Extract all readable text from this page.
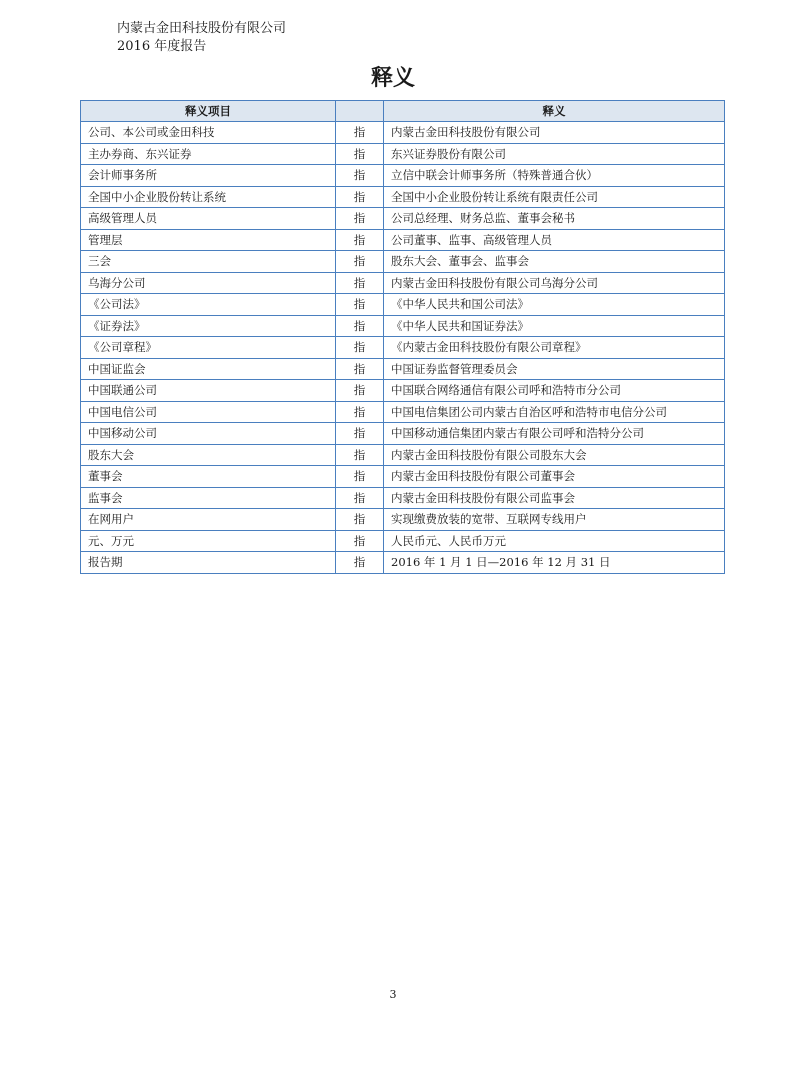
内蒙古金田科技股份有限公司
2016 年度报告
释义
释义项目		释义
公司、本公司或金田科技	指	内蒙古金田科技股份有限公司
主办券商、东兴证券	指	东兴证券股份有限公司
会计师事务所	指	立信中联会计师事务所（特殊普通合伙）
全国中小企业股份转让系统	指	全国中小企业股份转让系统有限责任公司
高级管理人员	指	公司总经理、财务总监、董事会秘书
管理层	指	公司董事、监事、高级管理人员
三会	指	股东大会、董事会、监事会
乌海分公司	指	内蒙古金田科技股份有限公司乌海分公司
《公司法》	指	《中华人民共和国公司法》
《证券法》	指	《中华人民共和国证券法》
《公司章程》	指	《内蒙古金田科技股份有限公司章程》
中国证监会	指	中国证券监督管理委员会
中国联通公司	指	中国联合网络通信有限公司呼和浩特市分公司
中国电信公司	指	中国电信集团公司内蒙古自治区呼和浩特市电信分公司
中国移动公司	指	中国移动通信集团内蒙古有限公司呼和浩特分公司
股东大会	指	内蒙古金田科技股份有限公司股东大会
董事会	指	内蒙古金田科技股份有限公司董事会
监事会	指	内蒙古金田科技股份有限公司监事会
在网用户	指	实现缴费放装的宽带、互联网专线用户
元、万元	指	人民币元、人民币万元
报告期	指	2016 年 1 月 1 日—2016 年 12 月 31 日
3
